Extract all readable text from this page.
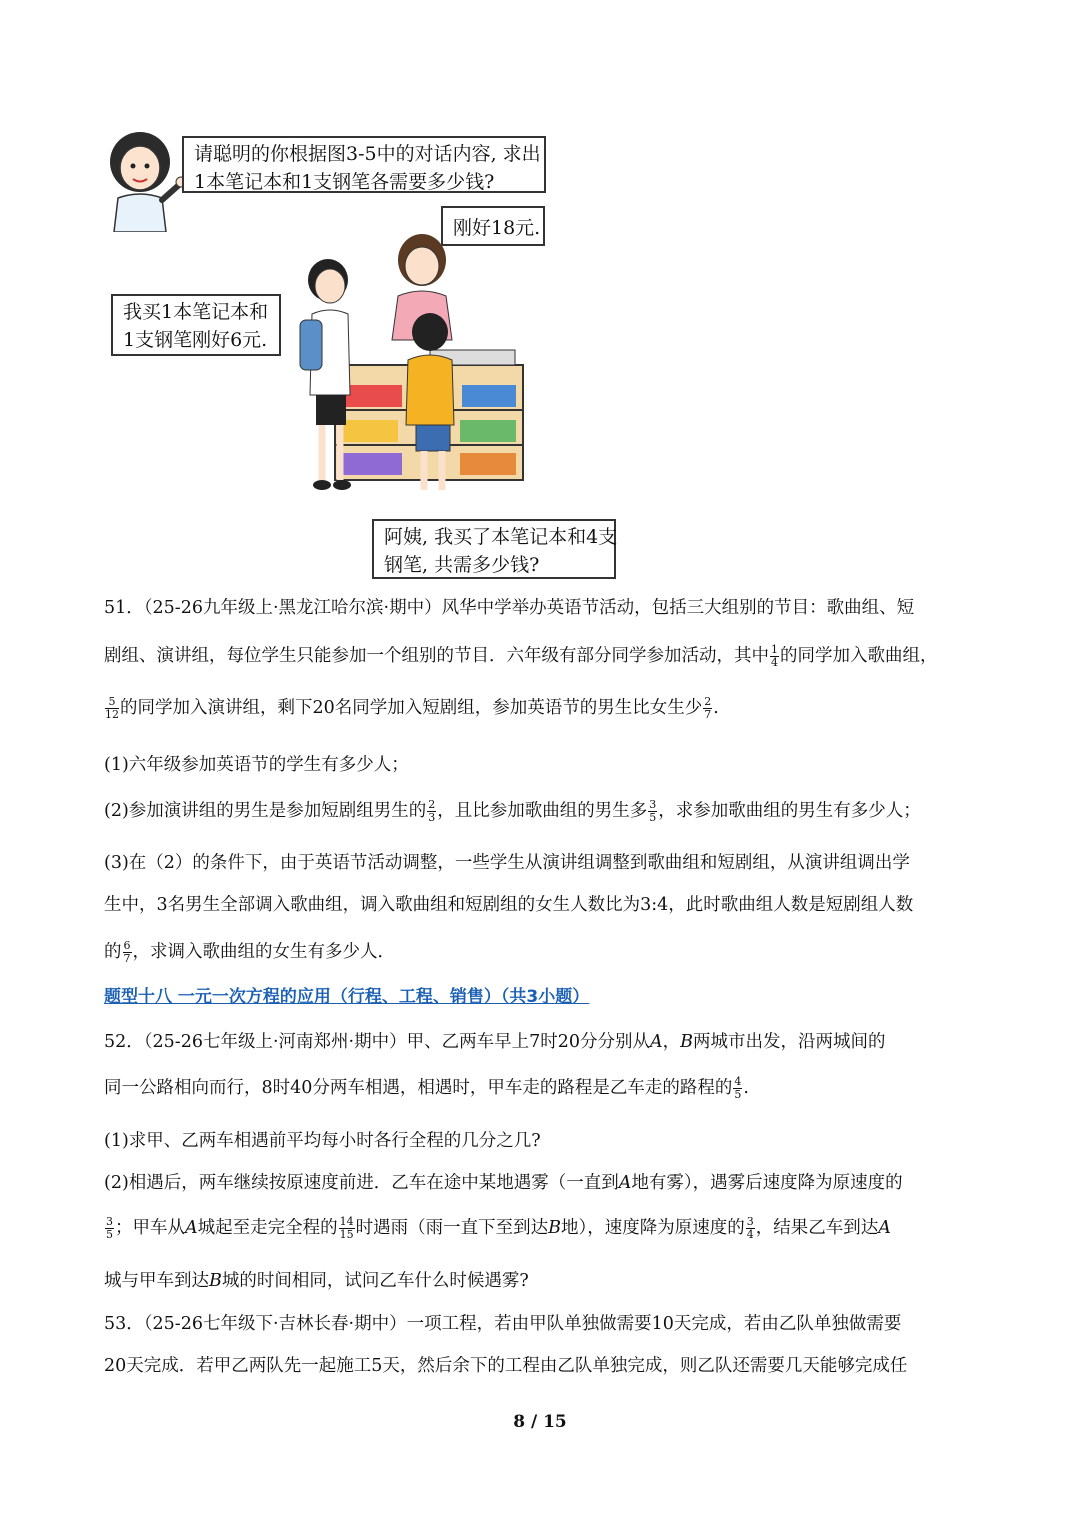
请聪明的你根据图3-5中的对话内容, 求出
1本笔记本和1支钢笔各需要多少钱?
刚好18元.
我买1本笔记本和
1支钢笔刚好6元.
阿姨, 我买了本笔记本和4支
钢笔, 共需多少钱?
51．（25-26九年级上·黑龙江哈尔滨·期中）风华中学举办英语节活动，包括三大组别的节目：歌曲组、短
剧组、演讲组，每位学生只能参加一个组别的节目．六年级有部分同学参加活动，其中 $\frac{1}{4}$ 的同学加入歌曲组，
$\frac{5}{12}$ 的同学加入演讲组，剩下20名同学加入短剧组，参加英语节的男生比女生少 $\frac{2}{7}$ .
(1)六年级参加英语节的学生有多少人；
(2)参加演讲组的男生是参加短剧组男生的 $\frac{2}{3}$ ，且比参加歌曲组的男生多 $\frac{3}{5}$ ，求参加歌曲组的男生有多少人；
(3)在（2）的条件下，由于英语节活动调整，一些学生从演讲组调整到歌曲组和短剧组，从演讲组调出学
生中，3名男生全部调入歌曲组，调入歌曲组和短剧组的女生人数比为3:4，此时歌曲组人数是短剧组人数
的 $\frac{6}{7}$ ，求调入歌曲组的女生有多少人．
题型十八 一元一次方程的应用（行程、工程、销售）（共3小题）
52．（25-26七年级上·河南郑州·期中）甲、乙两车早上7时20分分别从A，B两城市出发，沿两城间的
同一公路相向而行，8时40分两车相遇，相遇时，甲车走的路程是乙车走的路程的 $\frac{4}{5}$ .
(1)求甲、乙两车相遇前平均每小时各行全程的几分之几?
(2)相遇后，两车继续按原速度前进．乙车在途中某地遇雾（一直到A地有雾），遇雾后速度降为原速度的
$\frac{3}{5}$ ；甲车从A城起至走完全程的 $\frac{14}{15}$ 时遇雨（雨一直下至到达B地），速度降为原速度的 $\frac{3}{4}$ ，结果乙车到达A
城与甲车到达B城的时间相同，试问乙车什么时候遇雾?
53．（25-26七年级下·吉林长春·期中）一项工程，若由甲队单独做需要10天完成，若由乙队单独做需要
20天完成．若甲乙两队先一起施工5天，然后余下的工程由乙队单独完成，则乙队还需要几天能够完成任
8 / 15
